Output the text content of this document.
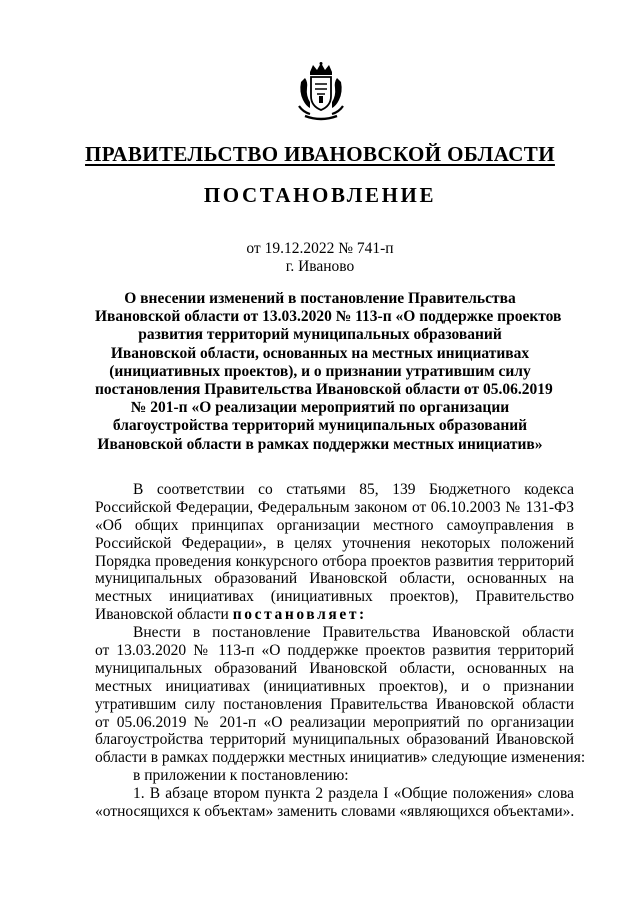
ПРАВИТЕЛЬСТВО ИВАНОВСКОЙ ОБЛАСТИ
ПОСТАНОВЛЕНИЕ
от 19.12.2022 № 741-п
г. Иваново
О внесении изменений в постановление Правительства
Ивановской области от 13.03.2020 № 113-п «О поддержке проектов
развития территорий муниципальных образований
Ивановской области, основанных на местных инициативах
(инициативных проектов), и о признании утратившим силу
постановления Правительства Ивановской области от 05.06.2019
№ 201-п «О реализации мероприятий по организации
благоустройства территорий муниципальных образований
Ивановской области в рамках поддержки местных инициатив»
В соответствии со статьями 85, 139 Бюджетного кодекса
Российской Федерации, Федеральным законом от 06.10.2003 № 131-ФЗ
«Об общих принципах организации местного самоуправления в
Российской Федерации», в целях уточнения некоторых положений
Порядка проведения конкурсного отбора проектов развития территорий
муниципальных образований Ивановской области, основанных на
местных инициативах (инициативных проектов), Правительство
Ивановской области постановляет:
Внести в постановление Правительства Ивановской области
от 13.03.2020 № 113-п «О поддержке проектов развития территорий
муниципальных образований Ивановской области, основанных на
местных инициативах (инициативных проектов), и о признании
утратившим силу постановления Правительства Ивановской области
от 05.06.2019 № 201-п «О реализации мероприятий по организации
благоустройства территорий муниципальных образований Ивановской
области в рамках поддержки местных инициатив» следующие изменения:
в приложении к постановлению:
1. В абзаце втором пункта 2 раздела I «Общие положения» слова
«относящихся к объектам» заменить словами «являющихся объектами».
